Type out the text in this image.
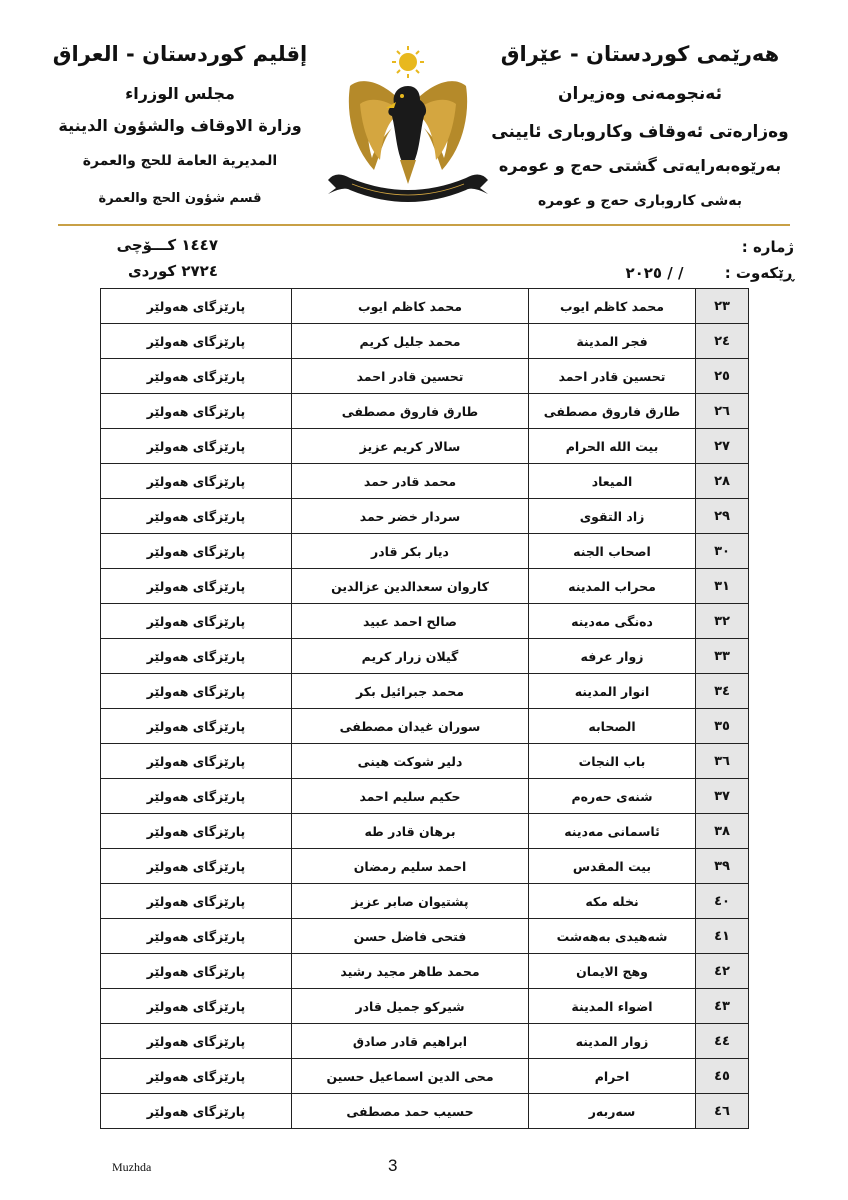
هەرێمی كوردستان - عێراق
ئەنجومەنی وەزیران
وەزارەتی ئەوقاف وكاروباری ئایینی
بەرێوەبەرایەتی گشتی حەج و عومرە
بەشی كاروباری حەج و عومرە
إقليم كوردستان - العراق
مجلس الوزراء
وزارة الاوقاف والشؤون الدينية
المديرية العامة للحج والعمرة
قسم شؤون الحج والعمرة
ژمارە :
ڕێكەوت : / / ٢٠٢٥
١٤٤٧ كـــۆچى
٢٧٢٤ كوردى
٢٣	محمد كاظم ايوب	محمد كاظم ايوب	پارێزگای هەولێر
٢٤	فجر المدينة	محمد جليل كريم	پارێزگای هەولێر
٢٥	تحسين قادر احمد	تحسين قادر احمد	پارێزگای هەولێر
٢٦	طارق فاروق مصطفى	طارق فاروق مصطفى	پارێزگای هەولێر
٢٧	بيت الله الحرام	سالار كريم عزيز	پارێزگای هەولێر
٢٨	الميعاد	محمد قادر حمد	پارێزگای هەولێر
٢٩	زاد التقوى	سردار خضر حمد	پارێزگای هەولێر
٣٠	اصحاب الجنه	ديار بكر قادر	پارێزگای هەولێر
٣١	محراب المدينه	كاروان سعدالدين عزالدين	پارێزگای هەولێر
٣٢	دەنگی مەدینە	صالح احمد عبيد	پارێزگای هەولێر
٣٣	زوار عرفه	گيلان زرار كريم	پارێزگای هەولێر
٣٤	انوار المدينه	محمد جبرائيل بكر	پارێزگای هەولێر
٣٥	الصحابه	سوران غيدان مصطفى	پارێزگای هەولێر
٣٦	باب النجات	دلير شوكت هينى	پارێزگای هەولێر
٣٧	شنەی حەرەم	حكيم سليم احمد	پارێزگای هەولێر
٣٨	ئاسمانی مەدینە	برهان قادر طه	پارێزگای هەولێر
٣٩	بيت المقدس	احمد سليم رمضان	پارێزگای هەولێر
٤٠	نخله مكه	پشتيوان صابر عزيز	پارێزگای هەولێر
٤١	شەهیدی بەهەشت	فتحى فاضل حسن	پارێزگای هەولێر
٤٢	وهج الايمان	محمد طاهر مجيد رشيد	پارێزگای هەولێر
٤٣	اضواء المدينة	شيركو جميل قادر	پارێزگای هەولێر
٤٤	زوار المدينه	ابراهيم قادر صادق	پارێزگای هەولێر
٤٥	احرام	محى الدين اسماعيل حسين	پارێزگای هەولێر
٤٦	سەربەر	حسيب حمد مصطفى	پارێزگای هەولێر
Muzhda	3
